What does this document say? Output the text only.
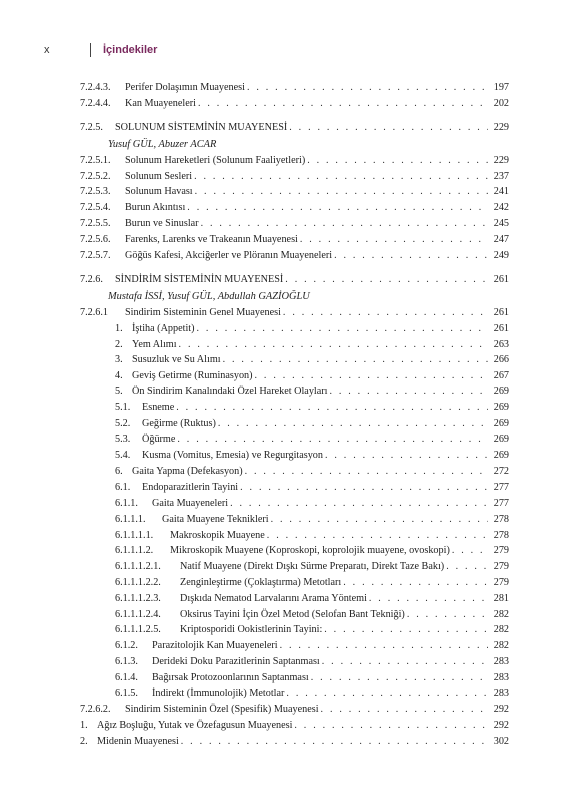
x	İçindekiler
7.2.4.3.	Perifer Dolaşımın Muayenesi . . .	197
7.2.4.4.	Kan Muayeneleri . . .	202
7.2.5.	SOLUNUM SİSTEMİNİN MUAYENESİ . . .	229
Yusuf GÜL, Abuzer ACAR
7.2.5.1.	Solunum Hareketleri (Solunum Faaliyetleri) . . .	229
7.2.5.2.	Solunum Sesleri . . .	237
7.2.5.3.	Solunum Havası . . .	241
7.2.5.4.	Burun Akıntısı . . .	242
7.2.5.5.	Burun ve Sinuslar . . .	245
7.2.5.6.	Farenks, Larenks ve Trakeanın Muayenesi . . .	247
7.2.5.7.	Göğüs Kafesi, Akciğerler ve Plöranın Muayeneleri . . .	249
7.2.6.	SİNDİRİM SİSTEMİNİN MUAYENESİ . . .	261
Mustafa İSSİ, Yusuf GÜL, Abdullah GAZİOĞLU
7.2.6.1	Sindirim Sisteminin Genel Muayenesi . . .	261
1. İştiha (Appetit) . . .	261
2. Yem Alımı . . .	263
3. Susuzluk ve Su Alımı . . .	266
4. Geviş Getirme (Ruminasyon) . . .	267
5. Ön Sindirim Kanalındaki Özel Hareket Olayları . . .	269
5.1.	Esneme . . .	269
5.2.	Geğirme (Ruktus) . . .	269
5.3.	Öğürme . . .	269
5.4.	Kusma (Vomitus, Emesia) ve Regurgitasyon . . .	269
6. Gaita Yapma (Defekasyon) . . .	272
6.1.	Endoparazitlerin Tayini . . .	277
6.1.1.	Gaita Muayeneleri . . .	277
6.1.1.1.	Gaita Muayene Teknikleri . . .	278
6.1.1.1.1.	Makroskopik Muayene . . .	278
6.1.1.1.2.	Mikroskopik Muayene (Koproskopi, koprolojik muayene, ovoskopi) . . .	279
6.1.1.1.2.1.	Natif Muayene (Direkt Dışkı Sürme Preparatı, Direkt Taze Bakı) . . .	279
6.1.1.1.2.2.	Zenginleştirme (Çoklaştırma) Metotları . . .	279
6.1.1.1.2.3.	Dışkıda Nematod Larvalarını Arama Yöntemi . . .	281
6.1.1.1.2.4.	Oksirus Tayini İçin Özel Metod (Selofan Bant Tekniği) . . .	282
6.1.1.1.2.5.	Kriptosporidi Ookistlerinin Tayini: . . .	282
6.1.2.	Parazitolojik Kan Muayeneleri . . .	282
6.1.3.	Derideki Doku Parazitlerinin Saptanması . . .	283
6.1.4.	Bağırsak Protozoonlarının Saptanması . . .	283
6.1.5.	İndirekt (İmmunolojik) Metotlar . . .	283
7.2.6.2.	Sindirim Sisteminin Özel (Spesifik) Muayenesi . . .	292
1. Ağız Boşluğu, Yutak ve Özefagusun Muayenesi . . .	292
2. Midenin Muayenesi . . .	302
